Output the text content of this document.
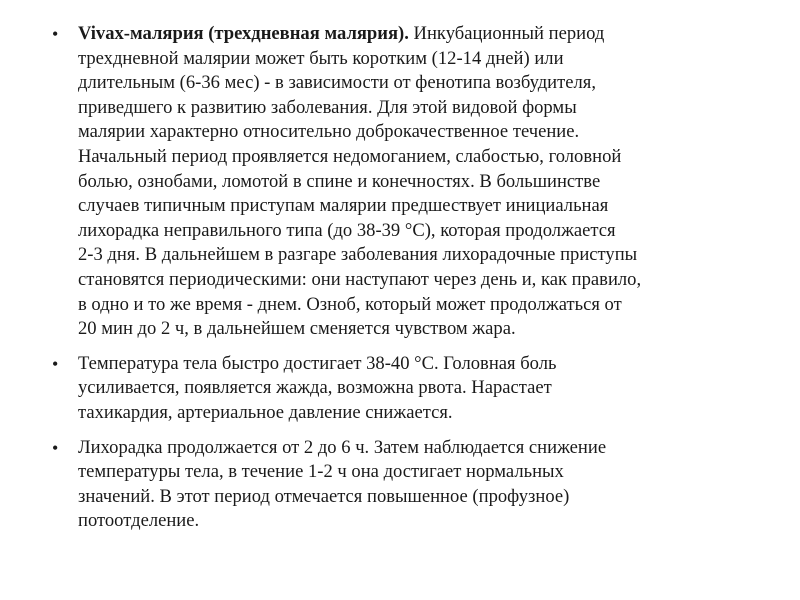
• Vivax-малярия (трехдневная малярия). Инкубационный период
трехдневной малярии может быть коротким (12-14 дней) или
длительным (6-36 мес) - в зависимости от фенотипа возбудителя,
приведшего к развитию заболевания. Для этой видовой формы
малярии характерно относительно доброкачественное течение.
Начальный период проявляется недомоганием, слабостью, головной
болью, ознобами, ломотой в спине и конечностях. В большинстве
случаев типичным приступам малярии предшествует инициальная
лихорадка неправильного типа (до 38-39 °С), которая продолжается
2-3 дня. В дальнейшем в разгаре заболевания лихорадочные приступы
становятся периодическими: они наступают через день и, как правило,
в одно и то же время - днем. Озноб, который может продолжаться от
20 мин до 2 ч, в дальнейшем сменяется чувством жара.
• Температура тела быстро достигает 38-40 °С. Головная боль
усиливается, появляется жажда, возможна рвота. Нарастает
тахикардия, артериальное давление снижается.
• Лихорадка продолжается от 2 до 6 ч. Затем наблюдается снижение
температуры тела, в течение 1-2 ч она достигает нормальных
значений. В этот период отмечается повышенное (профузное)
потоотделение.
